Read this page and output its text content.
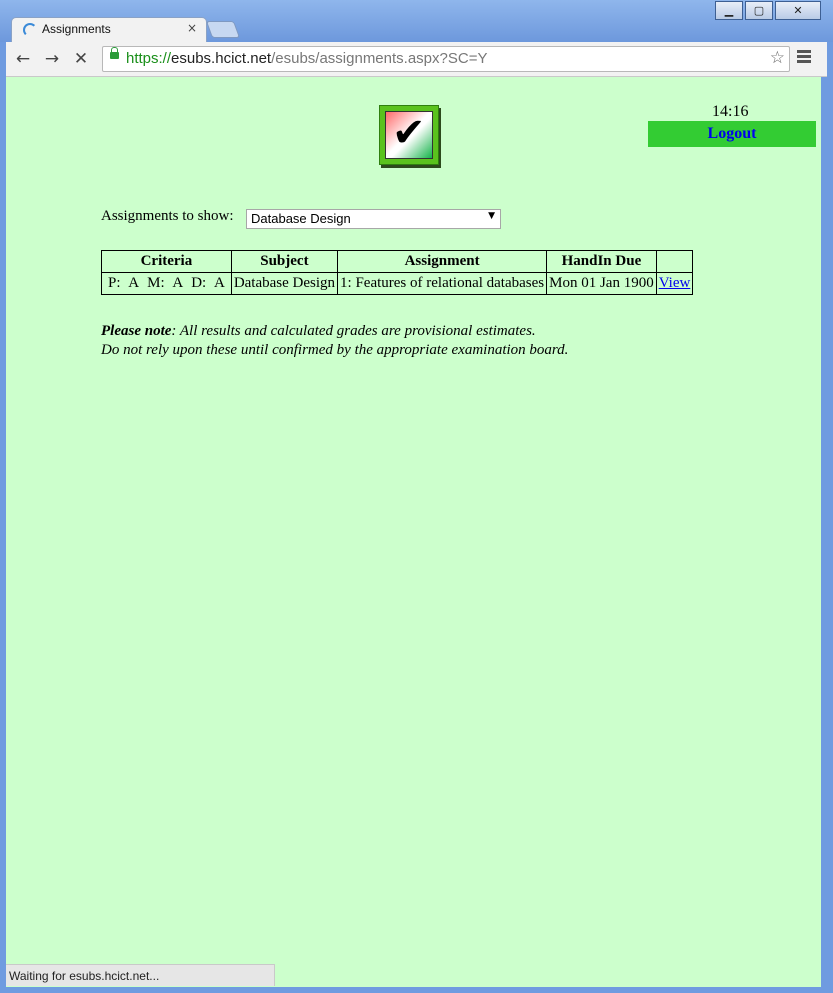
▁	▢	✕
Assignments	×
← → ✕	https://esubs.hcict.net/esubs/assignments.aspx?SC=Y	☆
✔	14:16
Logout
Assignments to show: Database Design	▼
Criteria	Subject	Assignment	HandIn Due	

P: A M: A D: A	Database Design	1: Features of relational databases	Mon 01 Jan 1900	View
Please note: All results and calculated grades are provisional estimates.
Do not rely upon these until confirmed by the appropriate examination board.
Waiting for esubs.hcict.net...
